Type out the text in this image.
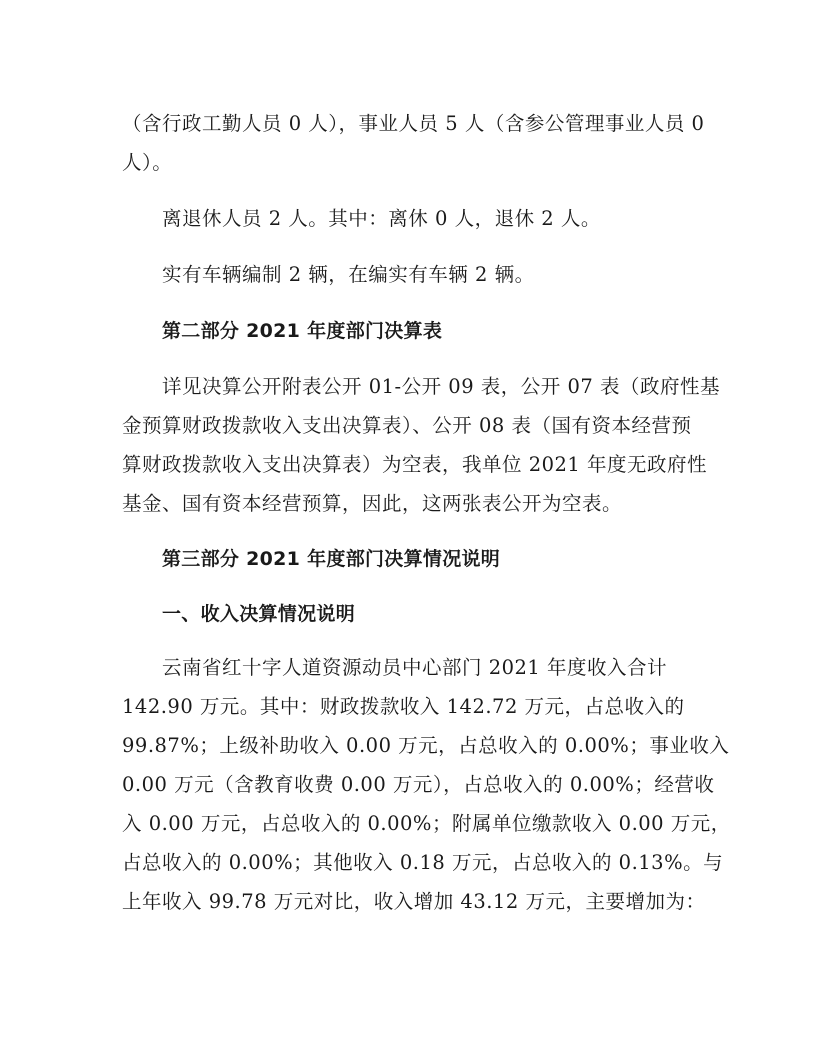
（含行政工勤人员 0 人），事业人员 5 人（含参公管理事业人员 0
人）。
离退休人员 2 人。其中：离休 0 人，退休 2 人。
实有车辆编制 2 辆，在编实有车辆 2 辆。
第二部分 2021 年度部门决算表
详见决算公开附表公开 01-公开 09 表，公开 07 表（政府性基
金预算财政拨款收入支出决算表）、公开 08 表（国有资本经营预
算财政拨款收入支出决算表）为空表，我单位 2021 年度无政府性
基金、国有资本经营预算，因此，这两张表公开为空表。
第三部分 2021 年度部门决算情况说明
一、收入决算情况说明
云南省红十字人道资源动员中心部门 2021 年度收入合计
142.90 万元。其中：财政拨款收入 142.72 万元，占总收入的
99.87%；上级补助收入 0.00 万元，占总收入的 0.00%；事业收入
0.00 万元（含教育收费 0.00 万元），占总收入的 0.00%；经营收
入 0.00 万元，占总收入的 0.00%；附属单位缴款收入 0.00 万元，
占总收入的 0.00%；其他收入 0.18 万元，占总收入的 0.13%。与
上年收入 99.78 万元对比，收入增加 43.12 万元，主要增加为：
